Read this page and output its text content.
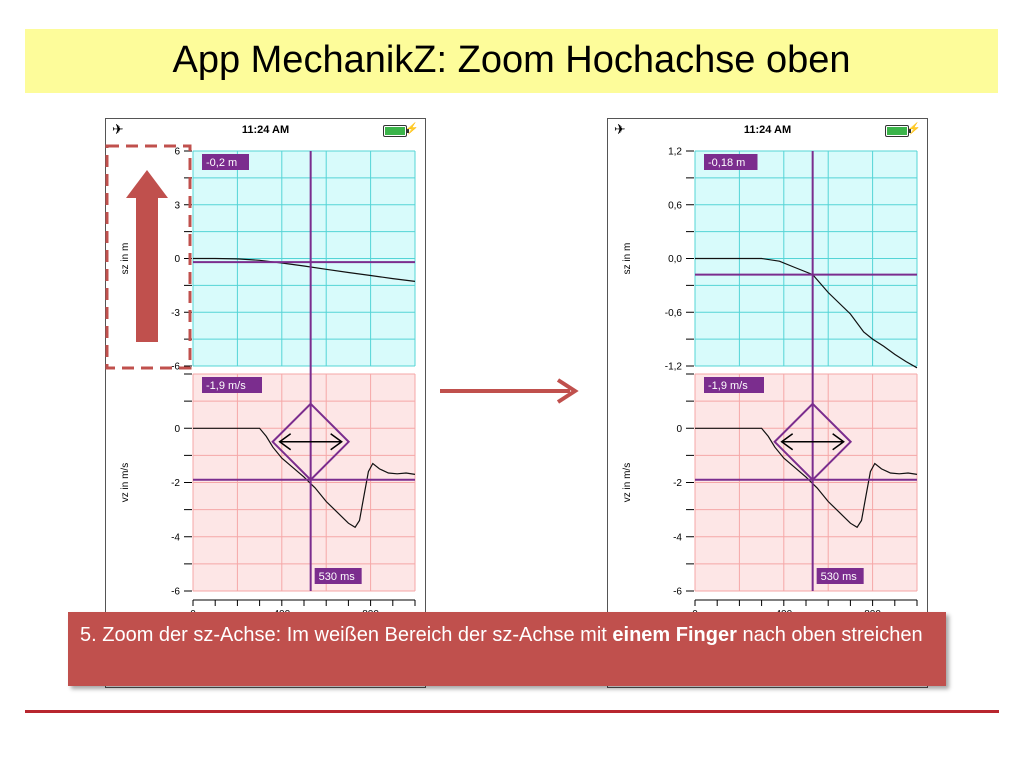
App MechanikZ: Zoom Hochachse oben
✈	11:24 AM	⚡
6
3
0
-3
-6
sz in m
-0,2 m
0
-2
-4
-6
vz in m/s
-1,9 m/s
530 ms
✈	11:24 AM	⚡
1,2
0,6
0,0
-0,6
-1,2
sz in m
-0,18 m
0
-2
-4
-6
vz in m/s
-1,9 m/s
530 ms
5. Zoom der sz-Achse: Im weißen Bereich der sz-Achse mit einem Finger nach oben streichen
